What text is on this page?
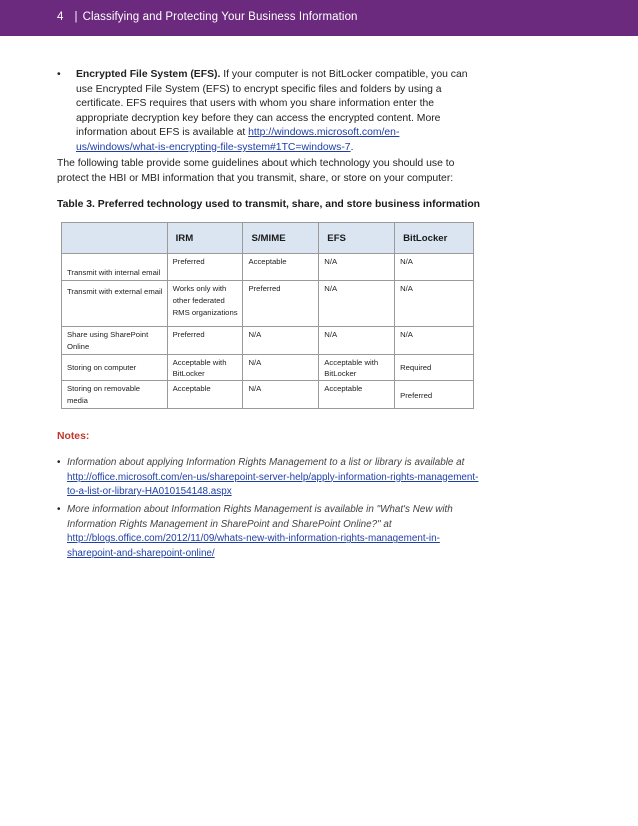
4 | Classifying and Protecting Your Business Information
•	Encrypted File System (EFS). If your computer is not BitLocker compatible, you can use Encrypted File System (EFS) to encrypt specific files and folders by using a certificate. EFS requires that users with whom you share information enter the appropriate decryption key before they can access the encrypted content. More information about EFS is available at http://windows.microsoft.com/en-us/windows/what-is-encrypting-file-system#1TC=windows-7.
The following table provide some guidelines about which technology you should use to protect the HBI or MBI information that you transmit, share, or store on your computer:
Table 3. Preferred technology used to transmit, share, and store business information
	IRM	S/MIME	EFS	BitLocker
Transmit with internal email	Preferred	Acceptable	N/A	N/A
Transmit with external email	Works only with other federated RMS organizations	Preferred	N/A	N/A
Share using SharePoint Online	Preferred	N/A	N/A	N/A
Storing on computer	Acceptable with BitLocker	N/A	Acceptable with BitLocker	Required
Storing on removable media	Acceptable	N/A	Acceptable	Preferred
Notes:
• Information about applying Information Rights Management to a list or library is available at http://office.microsoft.com/en-us/sharepoint-server-help/apply-information-rights-management-to-a-list-or-library-HA010154148.aspx
• More information about Information Rights Management is available in "What's New with Information Rights Management in SharePoint and SharePoint Online?" at http://blogs.office.com/2012/11/09/whats-new-with-information-rights-management-in-sharepoint-and-sharepoint-online/
